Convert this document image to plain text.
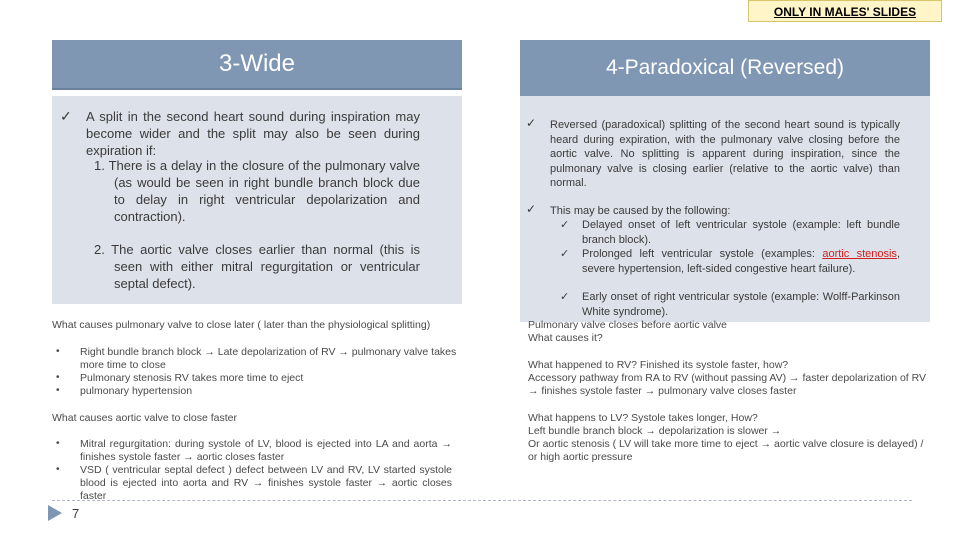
ONLY IN MALES' SLIDES
3-Wide
✓ A split in the second heart sound during inspiration may become wider and the split may also be seen during expiration if:
1. There is a delay in the closure of the pulmonary valve (as would be seen in right bundle branch block due to delay in right ventricular depolarization and contraction).
2. The aortic valve closes earlier than normal (this is seen with either mitral regurgitation or ventricular septal defect).
What causes pulmonary valve to close later ( later than the physiological splitting)
• Right bundle branch block → Late depolarization of RV → pulmonary valve takes more time to close
• Pulmonary stenosis RV takes more time to eject
• pulmonary hypertension
What causes aortic valve to close faster
• Mitral regurgitation: during systole of LV, blood is ejected into LA and aorta → finishes systole faster → aortic closes faster
• VSD ( ventricular septal defect ) defect between LV and RV, LV started systole blood is ejected into aorta and RV → finishes systole faster → aortic closes faster
4-Paradoxical (Reversed)
✓ Reversed (paradoxical) splitting of the second heart sound is typically heard during expiration, with the pulmonary valve closing before the aortic valve. No splitting is apparent during inspiration, since the pulmonary valve is closing earlier (relative to the aortic valve) than normal.
✓ This may be caused by the following:
✓ Delayed onset of left ventricular systole (example: left bundle branch block).
✓ Prolonged left ventricular systole (examples: aortic stenosis, severe hypertension, left-sided congestive heart failure).
✓ Early onset of right ventricular systole (example: Wolff-Parkinson White syndrome).
Pulmonary valve closes before aortic valve
What causes it?
What happened to RV? Finished its systole faster, how?
Accessory pathway from RA to RV (without passing AV) → faster depolarization of RV → finishes systole faster → pulmonary valve closes faster
What happens to LV? Systole takes longer, How?
Left bundle branch block → depolarization is slower →
Or aortic stenosis ( LV will take more time to eject → aortic valve closure is delayed) / or high aortic pressure
7
